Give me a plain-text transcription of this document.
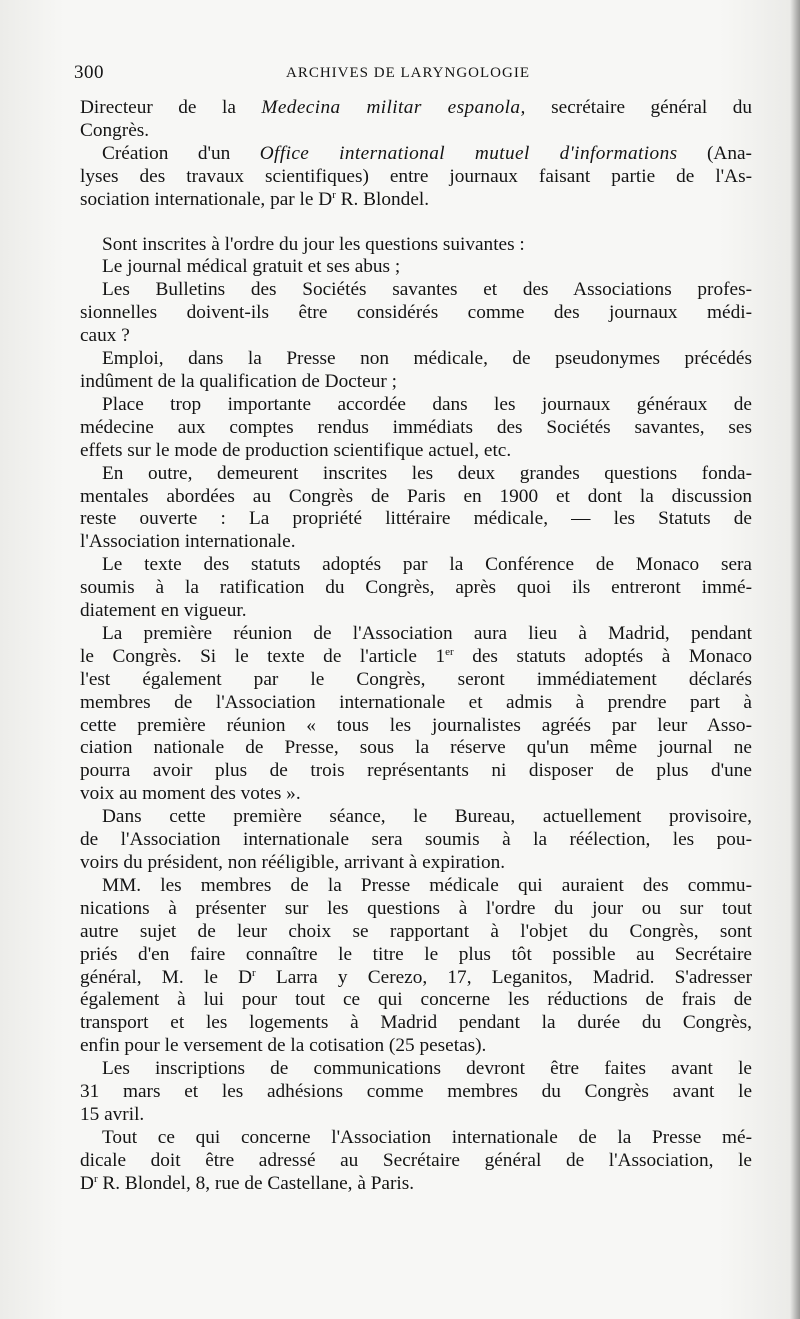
300	ARCHIVES DE LARYNGOLOGIE
Directeur de la Medecina militar espanola, secrétaire général du
Congrès.
Création d'un Office international mutuel d'informations (Ana-
lyses des travaux scientifiques) entre journaux faisant partie de l'As-
sociation internationale, par le $D^r$ R. Blondel.
Sont inscrites à l'ordre du jour les questions suivantes :
Le journal médical gratuit et ses abus ;
Les Bulletins des Sociétés savantes et des Associations profes-
sionnelles doivent-ils être considérés comme des journaux médi-
caux ?
Emploi, dans la Presse non médicale, de pseudonymes précédés
indûment de la qualification de Docteur ;
Place trop importante accordée dans les journaux généraux de
médecine aux comptes rendus immédiats des Sociétés savantes, ses
effets sur le mode de production scientifique actuel, etc.
En outre, demeurent inscrites les deux grandes questions fonda-
mentales abordées au Congrès de Paris en 1900 et dont la discussion
reste ouverte : La propriété littéraire médicale, — les Statuts de
l'Association internationale.
Le texte des statuts adoptés par la Conférence de Monaco sera
soumis à la ratification du Congrès, après quoi ils entreront immé-
diatement en vigueur.
La première réunion de l'Association aura lieu à Madrid, pendant
le Congrès. Si le texte de l'article 1er des statuts adoptés à Monaco
l'est également par le Congrès, seront immédiatement déclarés
membres de l'Association internationale et admis à prendre part à
cette première réunion « tous les journalistes agréés par leur Asso-
ciation nationale de Presse, sous la réserve qu'un même journal ne
pourra avoir plus de trois représentants ni disposer de plus d'une
voix au moment des votes ».
Dans cette première séance, le Bureau, actuellement provisoire,
de l'Association internationale sera soumis à la réélection, les pou-
voirs du président, non rééligible, arrivant à expiration.
MM. les membres de la Presse médicale qui auraient des commu-
nications à présenter sur les questions à l'ordre du jour ou sur tout
autre sujet de leur choix se rapportant à l'objet du Congrès, sont
priés d'en faire connaître le titre le plus tôt possible au Secrétaire
général, M. le $D^r$ Larra y Cerezo, 17, Leganitos, Madrid. S'adresser
également à lui pour tout ce qui concerne les réductions de frais de
transport et les logements à Madrid pendant la durée du Congrès,
enfin pour le versement de la cotisation (25 pesetas).
Les inscriptions de communications devront être faites avant le
31 mars et les adhésions comme membres du Congrès avant le
15 avril.
Tout ce qui concerne l'Association internationale de la Presse mé-
dicale doit être adressé au Secrétaire général de l'Association, le
$D^r$ R. Blondel, 8, rue de Castellane, à Paris.
